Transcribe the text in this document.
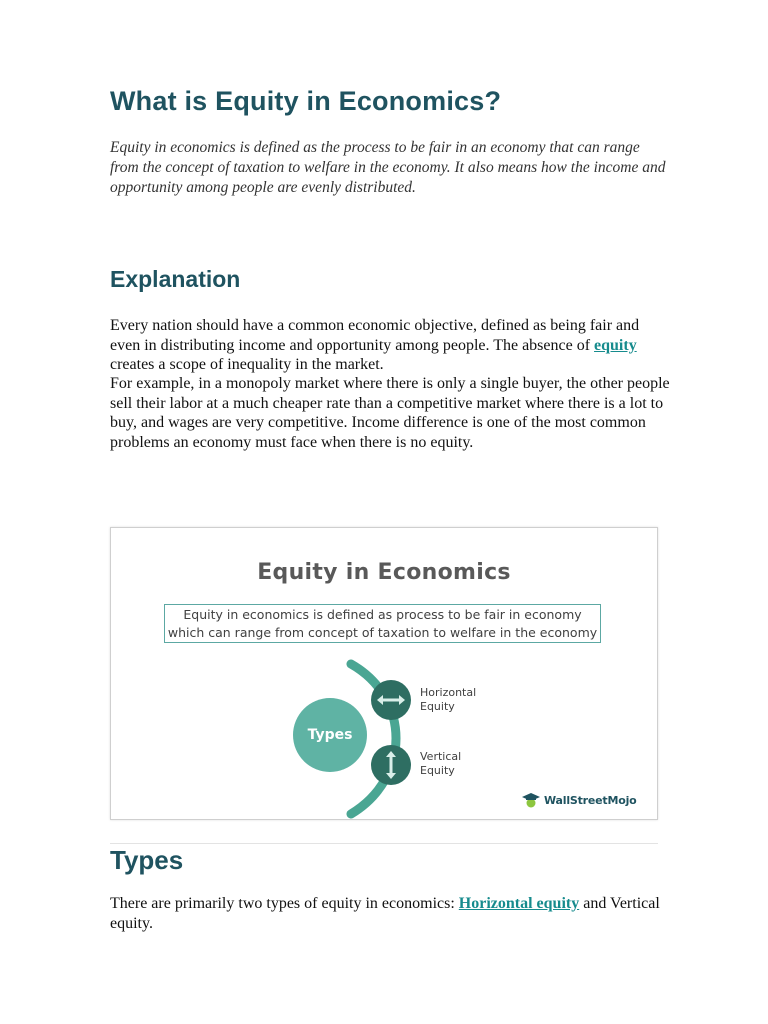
What is Equity in Economics?

Equity in economics is defined as the process to be fair in an economy that can range from the concept of taxation to welfare in the economy. It also means how the income and opportunity among people are evenly distributed.

Explanation

Every nation should have a common economic objective, defined as being fair and even in distributing income and opportunity among people. The absence of equity creates a scope of inequality in the market.

For example, in a monopoly market where there is only a single buyer, the other people sell their labor at a much cheaper rate than a competitive market where there is a lot to buy, and wages are very competitive. Income difference is one of the most common problems an economy must face when there is no equity.

Equity in Economics
Equity in economics is defined as process to be fair in economy
which can range from concept of taxation to welfare in the economy
Types
Horizontal
Equity
Vertical
Equity
WallStreetMojo
Types

There are primarily two types of equity in economics: Horizontal equity and Vertical equity.
